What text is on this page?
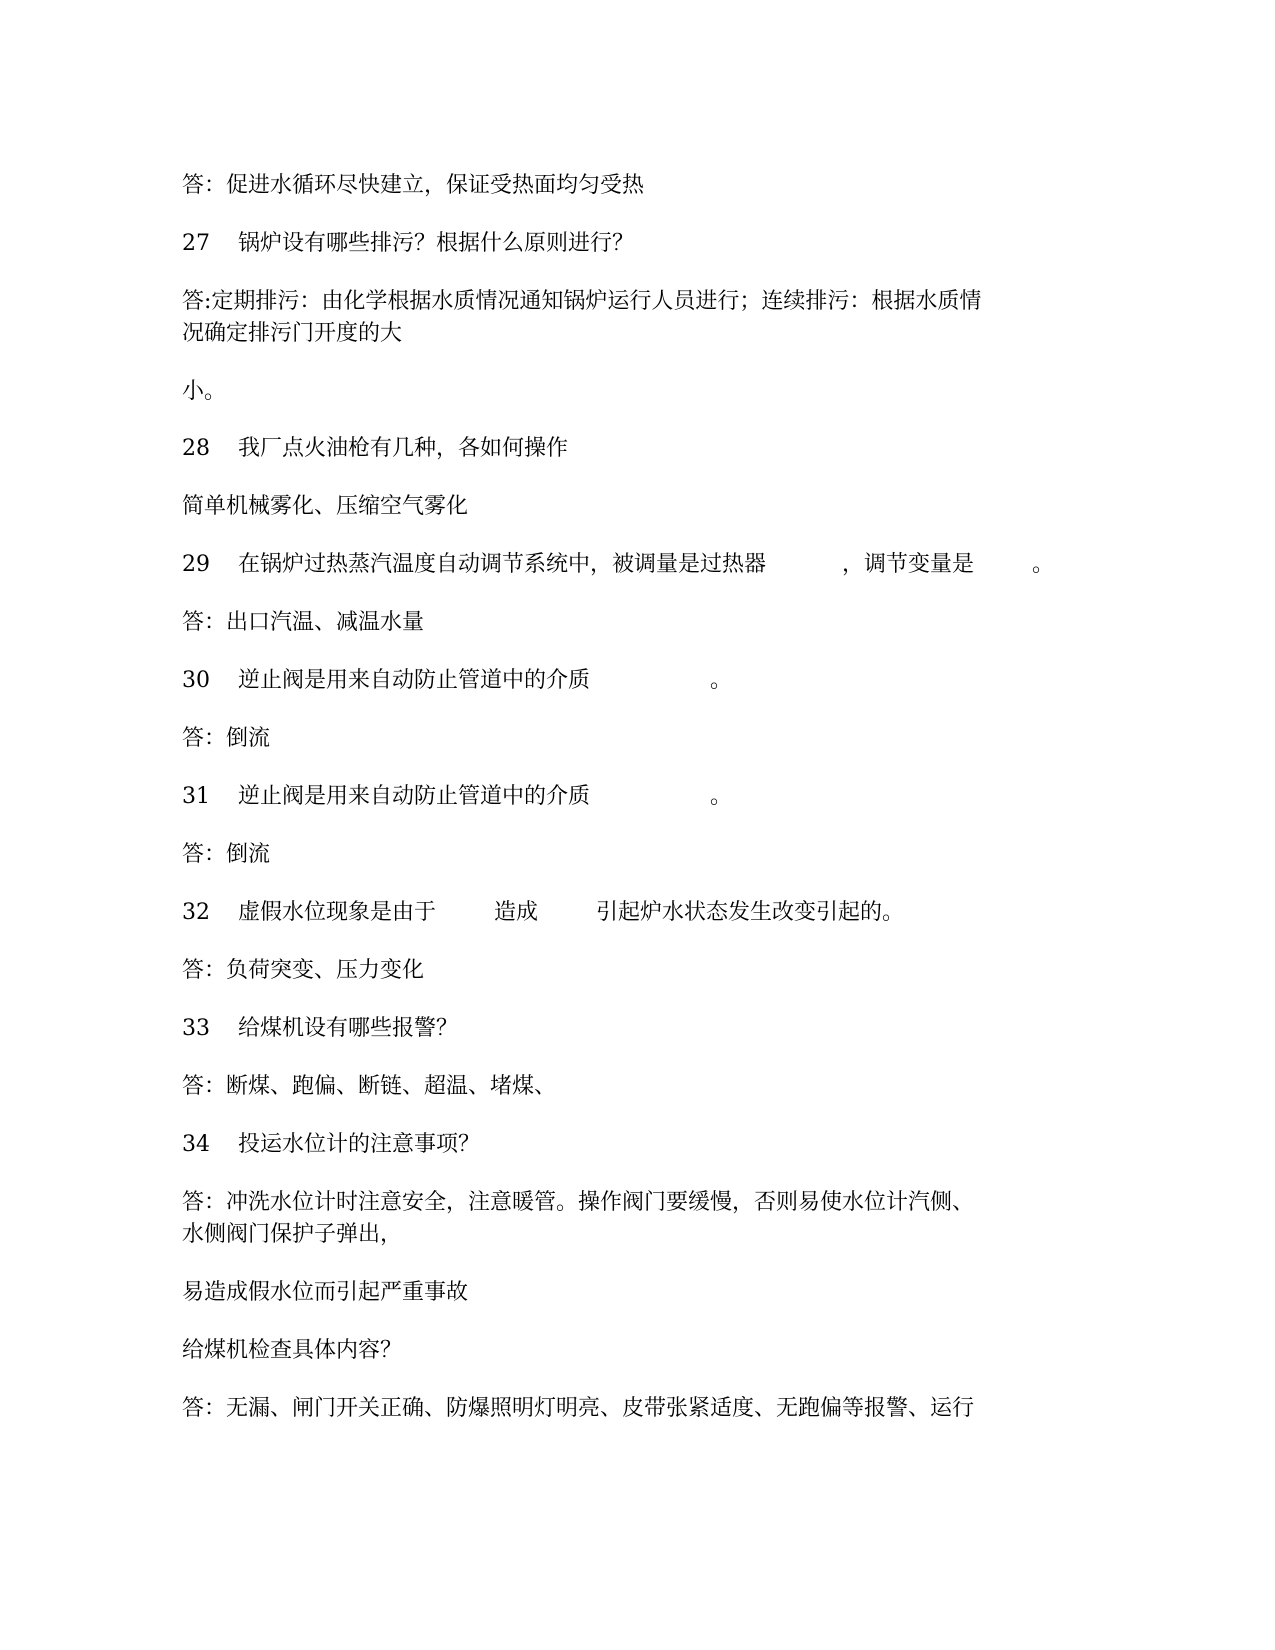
答：促进水循环尽快建立，保证受热面均匀受热
27    锅炉设有哪些排污？根据什么原则进行？
答:定期排污：由化学根据水质情况通知锅炉运行人员进行；连续排污：根据水质情
况确定排污门开度的大
小。
28    我厂点火油枪有几种，各如何操作
简单机械雾化、压缩空气雾化
29    在锅炉过热蒸汽温度自动调节系统中，被调量是过热器	，调节变量是	。
答：出口汽温、减温水量
30    逆止阀是用来自动防止管道中的介质	。
答：倒流
31    逆止阀是用来自动防止管道中的介质	。
答：倒流
32    虚假水位现象是由于	造成	引起炉水状态发生改变引起的。
答：负荷突变、压力变化
33    给煤机设有哪些报警？
答：断煤、跑偏、断链、超温、堵煤、
34    投运水位计的注意事项？
答：冲洗水位计时注意安全，注意暖管。操作阀门要缓慢，否则易使水位计汽侧、
水侧阀门保护子弹出，
易造成假水位而引起严重事故
给煤机检查具体内容？
答：无漏、闸门开关正确、防爆照明灯明亮、皮带张紧适度、无跑偏等报警、运行
